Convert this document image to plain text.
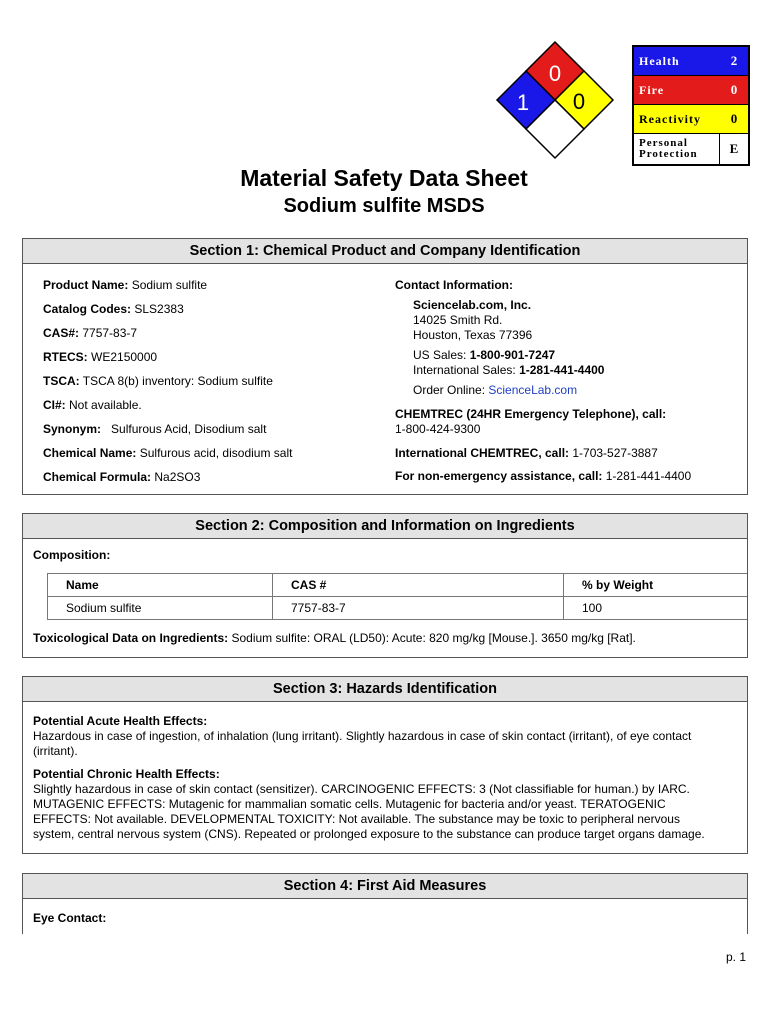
0
1 0
Health	2
Fire	0
Reactivity	0
Personal
Protection	E
Material Safety Data Sheet
Sodium sulfite MSDS
Section 1: Chemical Product and Company Identification
Product Name: Sodium sulfite
Catalog Codes: SLS2383
CAS#: 7757-83-7
RTECS: WE2150000
TSCA: TSCA 8(b) inventory: Sodium sulfite
CI#: Not available.
Synonym:   Sulfurous Acid, Disodium salt
Chemical Name: Sulfurous acid, disodium salt
Chemical Formula: Na2SO3
Contact Information:
Sciencelab.com, Inc.
14025 Smith Rd.
Houston, Texas 77396
US Sales: 1-800-901-7247
International Sales: 1-281-441-4400
Order Online: ScienceLab.com
CHEMTREC (24HR Emergency Telephone), call:
1-800-424-9300
International CHEMTREC, call: 1-703-527-3887
For non-emergency assistance, call: 1-281-441-4400
Section 2: Composition and Information on Ingredients
Composition:
Name	CAS #	% by Weight
Sodium sulfite	7757-83-7	100
Toxicological Data on Ingredients: Sodium sulfite: ORAL (LD50): Acute: 820 mg/kg [Mouse.]. 3650 mg/kg [Rat].
Section 3: Hazards Identification
Potential Acute Health Effects:
Hazardous in case of ingestion, of inhalation (lung irritant). Slightly hazardous in case of skin contact (irritant), of eye contact
(irritant).
Potential Chronic Health Effects:
Slightly hazardous in case of skin contact (sensitizer). CARCINOGENIC EFFECTS: 3 (Not classifiable for human.) by IARC.
MUTAGENIC EFFECTS: Mutagenic for mammalian somatic cells. Mutagenic for bacteria and/or yeast. TERATOGENIC
EFFECTS: Not available. DEVELOPMENTAL TOXICITY: Not available. The substance may be toxic to peripheral nervous
system, central nervous system (CNS). Repeated or prolonged exposure to the substance can produce target organs damage.
Section 4: First Aid Measures
Eye Contact:
p. 1
